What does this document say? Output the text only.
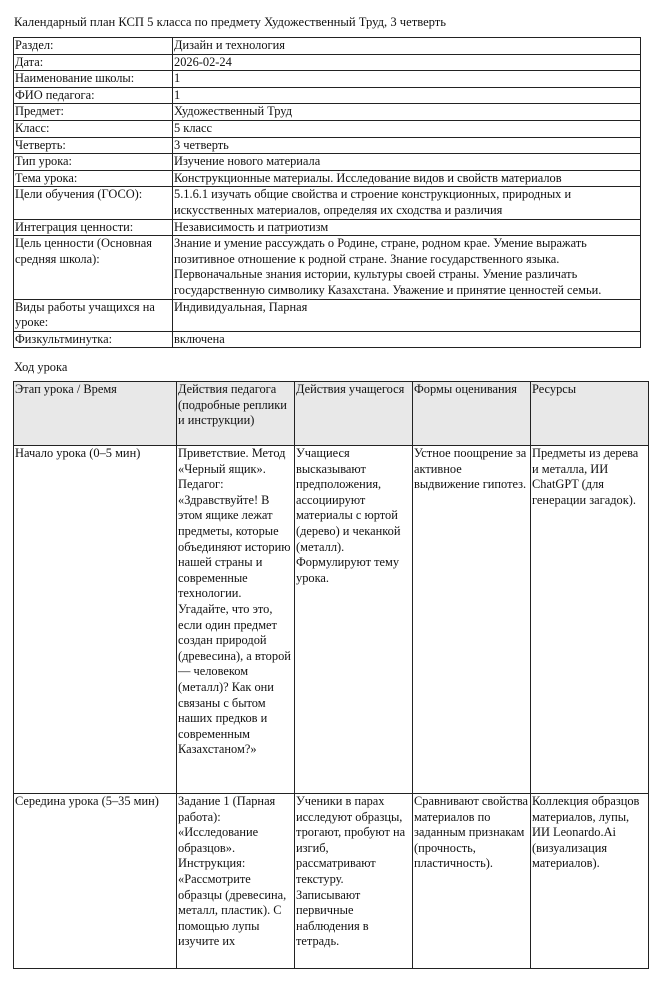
Календарный план КСП 5 класса по предмету Художественный Труд, 3 четверть
Раздел:	Дизайн и технология
Дата:	2026-02-24
Наименование школы:	1
ФИО педагога:	1
Предмет:	Художественный Труд
Класс:	5 класс
Четверть:	3 четверть
Тип урока:	Изучение нового материала
Тема урока:	Конструкционные материалы. Исследование видов и свойств материалов
Цели обучения (ГОСО):	5.1.6.1 изучать общие свойства и строение конструкционных, природных и искусственных материалов, определяя их сходства и различия
Интеграция ценности:	Независимость и патриотизм
Цель ценности (Основная средняя школа):	Знание и умение рассуждать о Родине, стране, родном крае. Умение выражать позитивное отношение к родной стране. Знание государственного языка. Первоначальные знания истории, культуры своей страны. Умение различать государственную символику Казахстана. Уважение и принятие ценностей семьи.
Виды работы учащихся на уроке:	Индивидуальная, Парная
Физкультминутка:	включена
Ход урока
Этап урока / Время	Действия педагога (подробные реплики и инструкции)	Действия учащегося	Формы оценивания	Ресурсы
Начало урока (0–5 мин)	Приветствие. Метод «Черный ящик». Педагог: «Здравствуйте! В этом ящике лежат предметы, которые объединяют историю нашей страны и современные технологии. Угадайте, что это, если один предмет создан природой (древесина), а второй — человеком (металл)? Как они связаны с бытом наших предков и современным Казахстаном?»	Учащиеся высказывают предположения, ассоциируют материалы с юртой (дерево) и чеканкой (металл). Формулируют тему урока.	Устное поощрение за активное выдвижение гипотез.	Предметы из дерева и металла, ИИ ChatGPT (для генерации загадок).

Середина урока (5–35 мин)	Задание 1 (Парная работа): «Исследование образцов». Инструкция: «Рассмотрите образцы (древесина, металл, пластик). С помощью лупы изучите их	Ученики в парах исследуют образцы, трогают, пробуют на изгиб, рассматривают текстуру. Записывают первичные наблюдения в тетрадь.	Сравнивают свойства материалов по заданным признакам (прочность, пластичность).	Коллекция образцов материалов, лупы, ИИ Leonardo.Ai (визуализация материалов).
